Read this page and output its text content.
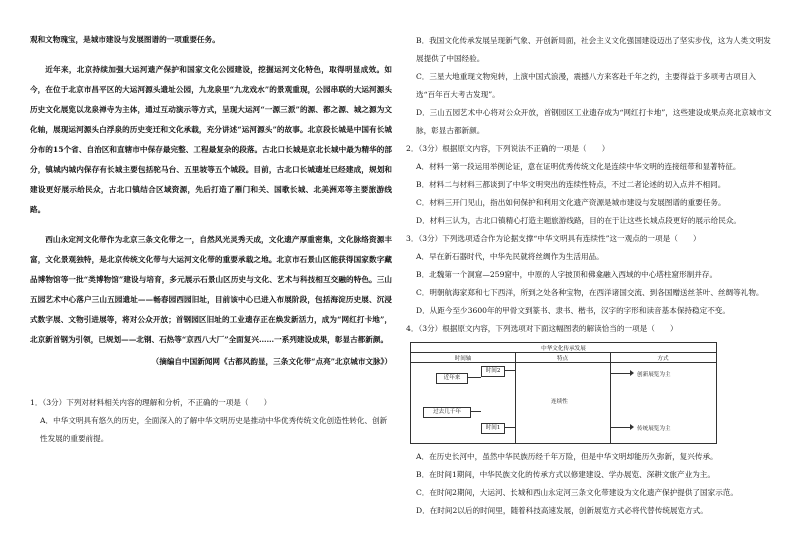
观和文物瑰宝，是城市建设与发展图谱的一项重要任务。

近年来，北京持续加强大运河遗产保护和国家文化公园建设，挖掘运河文化特色，取得明显成效。如今，在位于北京市昌平区的大运河源头遗址公园，九龙泉里“九龙戏水”的景观重现，公园串联的大运河源头历史文化展览以龙泉禅寺为主体，通过互动演示等方式，呈现大运河“一源三派”的源、都之源、城之源为文化轴，展现运河源头白浮泉的历史变迁和文化承载，充分讲述“运河源头”的故事。北京段长城是中国有长城分布的15个省、自治区和直辖市中保存最完整、工程最复杂的段落。古北口长城是京北长城中最为精华的部分，镇城内城内保存有长城主要包括驼马台、五里坡等五个城段。目前，古北口长城遗址已经建成，规划和建设更好展示给民众，古北口镇结合区域资源，先后打造了雁门和关、国歌长城、北美洲邓等主要旅游线路。

西山永定河文化带作为北京三条文化带之一，自然风光灵秀天成，文化遗产厚重密集，文化脉络资源丰富，文化景观独特，是北京传统文化带与大运河文化带的重要承载之地。北京市石景山区能获得国家数字藏品博物馆等一批“类博物馆”建设与培育，多元展示石景山区历史与文化、艺术与科技相互交融的特色。三山五园艺术中心落户三山五园遗址——畅春园西园旧址，目前该中心已进入布展阶段，包括海淀历史展、沉浸式数字展、文物引进展等，将对公众开放；首钢园区旧址的工业遗存正在焕发新活力，成为“网红打卡地”，北京新首钢为引领，已规划——北钢、石热等“京西八大厂”全面复兴……一系列建设成果，彰显古都新颜。

（摘编自中国新闻网《古都风韵显，三条文化带“点亮”北京城市文脉》）

1．（3分）下列对材料相关内容的理解和分析，不正确的一项是（　　）

A．中华文明具有悠久的历史，全面深入的了解中华文明历史是推动中华优秀传统文化创造性转化、创新性发展的重要前提。

B．我国文化传承发展呈现新气象、开创新局面，社会主义文化强国建设迈出了坚实步伐，这为人类文明发展提供了中国经验。

C．三星大地重现文物宛转，上演中国式浪漫，震撼八方来客赴千年之约，主要得益于多项考古项目入选“百年百大考古发现”。

D．三山五园艺术中心将对公众开放，首钢园区工业遗存成为“网红打卡地”，这些建设成果点亮北京城市文脉，彰显古都新颜。

2．（3分）根据原文内容，下列说法不正确的一项是（　　）

A．材料一第一段运用举例论证，意在证明优秀传统文化是连续中华文明的连接纽带和显著特征。

B．材料二与材料三都谈到了中华文明突出的连续性特点，不过二者论述的切入点并不相同。

C．材料三开门见山，指出如何保护和利用文化遗产资源是城市建设与发展图谱的重要任务。

D．材料三认为，古北口镇精心打造主题旅游线路，目的在于让这些长城点段更好的展示给民众。

3．（3分）下列选项适合作为论据支撑“中华文明具有连续性”这一观点的一项是（　　）

A．早在新石器时代，中华先民就将丝绸作为生活用品。

B．北魏第一个洞窟—259窟中，中原的人字披顶和佛龛融入西域的中心塔柱窟形制并存。

C．明朝航海家郑和七下西洋，所到之处各种宝物，在西洋诸国交流、到各国赠送丝茶叶、丝绸等礼物。

D．从距今至少3600年的甲骨文到篆书、隶书、楷书，汉字的字形和读音基本保持稳定不变。

4．（3分）根据原文内容，下列选项对下面这幅图表的解读恰当的一项是（　　）

中华文化传承发展
时间轴	特点	方式
近年来
时间2
过去几千年
时间1
连续性
创新展览为主
传统展览为主

A．在历史长河中，虽然中华民族历经千年万险，但是中华文明却能历久弥新，复兴传承。

B．在时间1期间，中华民族文化的传承方式以修建建设、学办展览、深耕文旅产业为主。

C．在时间2期间，大运河、长城和西山永定河三条文化带建设为文化遗产保护提供了国家示范。

D．在时间2以后的时间里，随着科技高速发展，创新展览方式必将代替传统展览方式。
